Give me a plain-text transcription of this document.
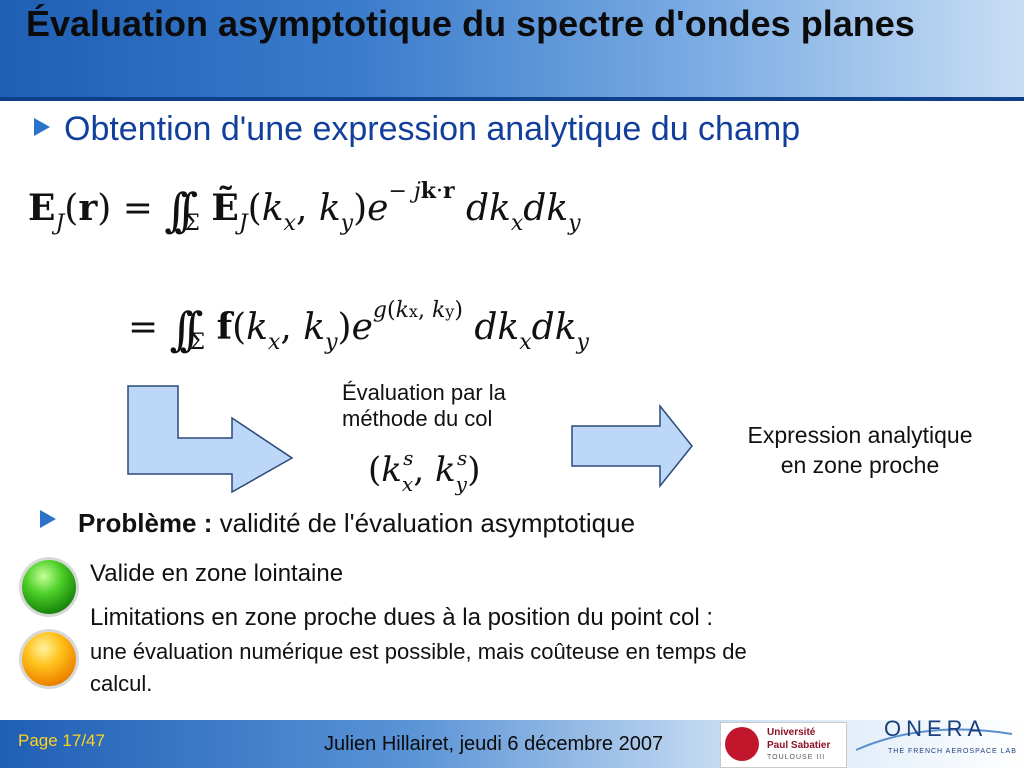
Évaluation asymptotique du spectre d'ondes planes
Obtention d'une expression analytique du champ
$E_J(r) = \int\int_\Sigma$ $Ẽ_J(k_x$, $k_y)e^{- jk\cdot r}$ $dk_xdk_y$
= $\int\int_\Sigma$ $f(k_x$, $k_y)e^{g(kx, ky)}$ $dk_xdk_y$
Évaluation par la
méthode du col
($k_x^s$, $k_y^s$)
Expression analytique
en zone proche
Problème : validité de l'évaluation asymptotique
Valide en zone lointaine
Limitations en zone proche dues à la position du point col :
une évaluation numérique est possible, mais coûteuse en temps de
calcul.
Page 17/47	Julien Hillairet, jeudi 6 décembre 2007
Université
Paul Sabatier
TOULOUSE III
ONERA
THE FRENCH AEROSPACE LAB
